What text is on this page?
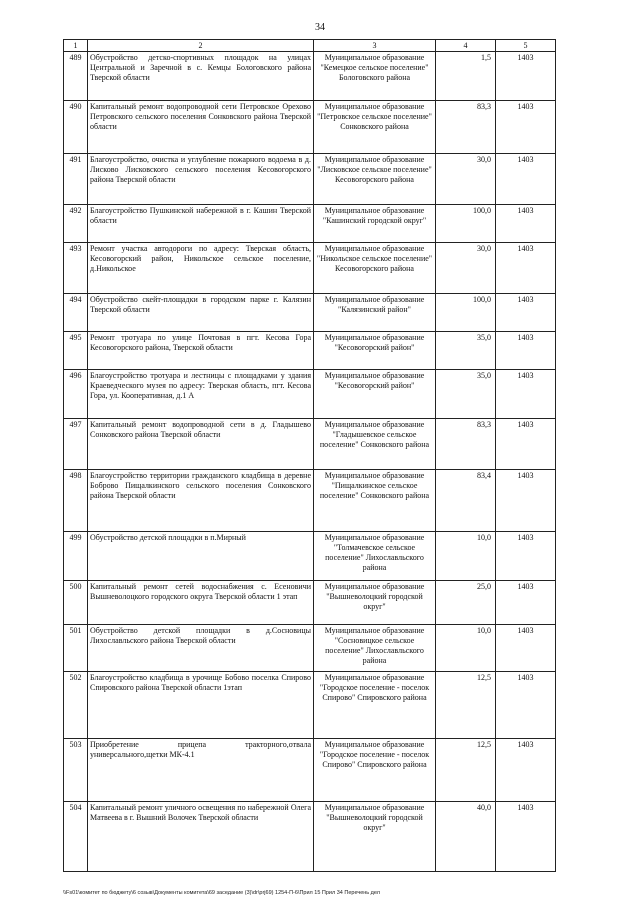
34
1	2	3	4	5
489	Обустройство детско-спортивных площадок на улицах Центральной и Заречной в с. Кемцы Бологовского района Тверской области	Муниципальное образование "Кемецкое сельское поселение" Бологовского района	1,5	1403
490	Капитальный ремонт водопроводной сети Петровское Орехово Петровского сельского поселения Сонковского района Тверской области	Муниципальное образование "Петровское сельское поселение" Сонковского района	83,3	1403
491	Благоустройство, очистка и углубление пожарного водоема в д. Лисково Лисковского сельского поселения Кесовогорского района Тверской области	Муниципальное образование "Лисковское сельское поселение" Кесовогорского района	30,0	1403
492	Благоустройство Пушкинской набережной в г. Кашин Тверской области	Муниципальное образование "Кашинский городской округ"	100,0	1403
493	Ремонт участка автодороги по адресу: Тверская область, Кесовогорский район, Никольское сельское поселение, д.Никольское	Муниципальное образование "Никольское сельское поселение" Кесовогорского района	30,0	1403
494	Обустройство скейт-площадки в городском парке г. Калязин Тверской области	Муниципальное образование "Калязинский район"	100,0	1403
495	Ремонт тротуара по улице Почтовая в пгт. Кесова Гора Кесовогорского района, Тверской области	Муниципальное образование "Кесовогорский район"	35,0	1403
496	Благоустройство тротуара и лестницы с площадками у здания Краеведческого музея по адресу: Тверская область, пгт. Кесова Гора, ул. Кооперативная, д.1 А	Муниципальное образование "Кесовогорский район"	35,0	1403
497	Капитальный ремонт водопроводной сети в д. Гладышево Сонковского района Тверской области	Муниципальное образование "Гладышевское сельское поселение" Сонковского района	83,3	1403
498	Благоустройство территории гражданского кладбища в деревне Боброво Пищалкинского сельского поселения Сонковского района Тверской области	Муниципальное образование "Пищалкинское сельское поселение" Сонковского района	83,4	1403
499	Обустройство детской площадки в п.Мирный	Муниципальное образование "Толмачевское сельское поселение" Лихославльского района	10,0	1403
500	Капитальный ремонт сетей водоснабжения с. Есеновичи Вышневолоцкого городского округа Тверской области 1 этап	Муниципальное образование "Вышневолоцкий городской округ"	25,0	1403
501	Обустройство детской площадки в д.Сосновицы Лихославльского района Тверской области	Муниципальное образование "Сосновицкое сельское поселение" Лихославльского района	10,0	1403
502	Благоустройство кладбища в урочище Бобово поселка Спирово Спировского района Тверской области 1этап	Муниципальное образование "Городское поселение - поселок Спирово" Спировского района	12,5	1403
503	Приобретение прицепа тракторного,отвала универсального,щетки МК-4.1	Муниципальное образование "Городское поселение - поселок Спирово" Спировского района	12,5	1403
504	Капитальный ремонт уличного освещения по набережной Олега Матвеева в г. Вышний Волочек Тверской области	Муниципальное образование "Вышневолоцкий городской округ"	40,0	1403
\\Fs01\комитет по бюджету\6 созыв\Документы комитета\69 заседание (3)\dr\prj69) 1254-П-6\Прил 15 Прил 34 Перечень дел
